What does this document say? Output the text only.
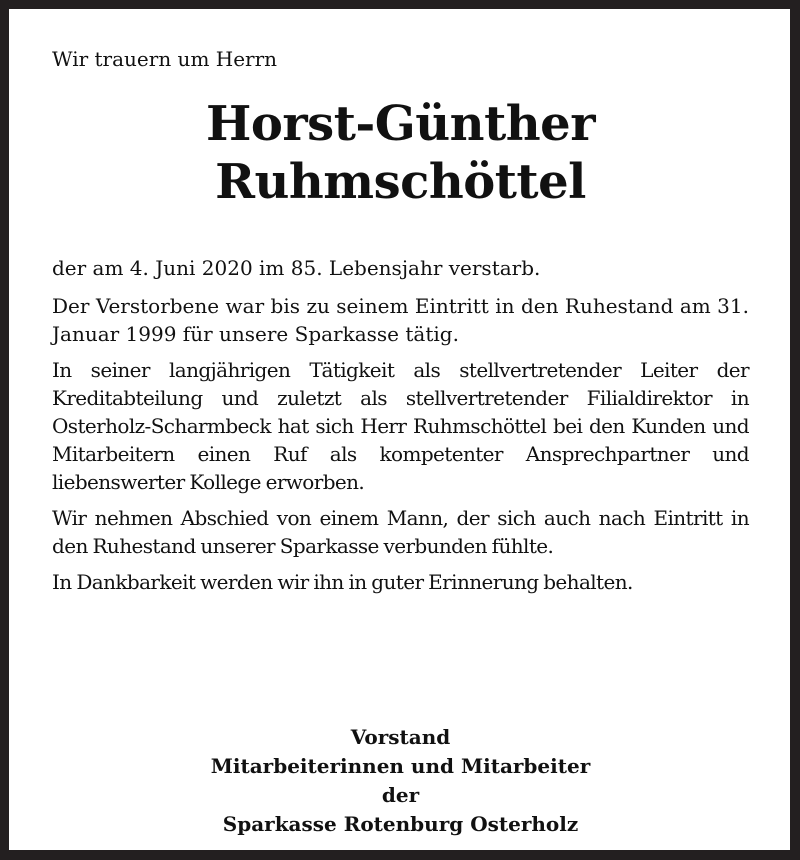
Wir trauern um Herrn
Horst-Günther
Ruhmschöttel

der am 4. Juni 2020 im 85. Lebensjahr verstarb.

Der Verstorbene war bis zu seinem Eintritt in den Ruhestand am 31. Januar 1999 für unsere Sparkasse tätig.

In seiner langjährigen Tätigkeit als stellvertretender Leiter der Kreditabteilung und zuletzt als stellvertretender Filialdirektor in Osterholz-Scharmbeck hat sich Herr Ruhmschöttel bei den Kunden und Mitarbeitern einen Ruf als kompetenter Ansprechpartner und liebenswerter Kollege erworben.

Wir nehmen Abschied von einem Mann, der sich auch nach Eintritt in den Ruhestand unserer Sparkasse verbunden fühlte.

In Dankbarkeit werden wir ihn in guter Erinnerung behalten.

Vorstand
Mitarbeiterinnen und Mitarbeiter
der
Sparkasse Rotenburg Osterholz
